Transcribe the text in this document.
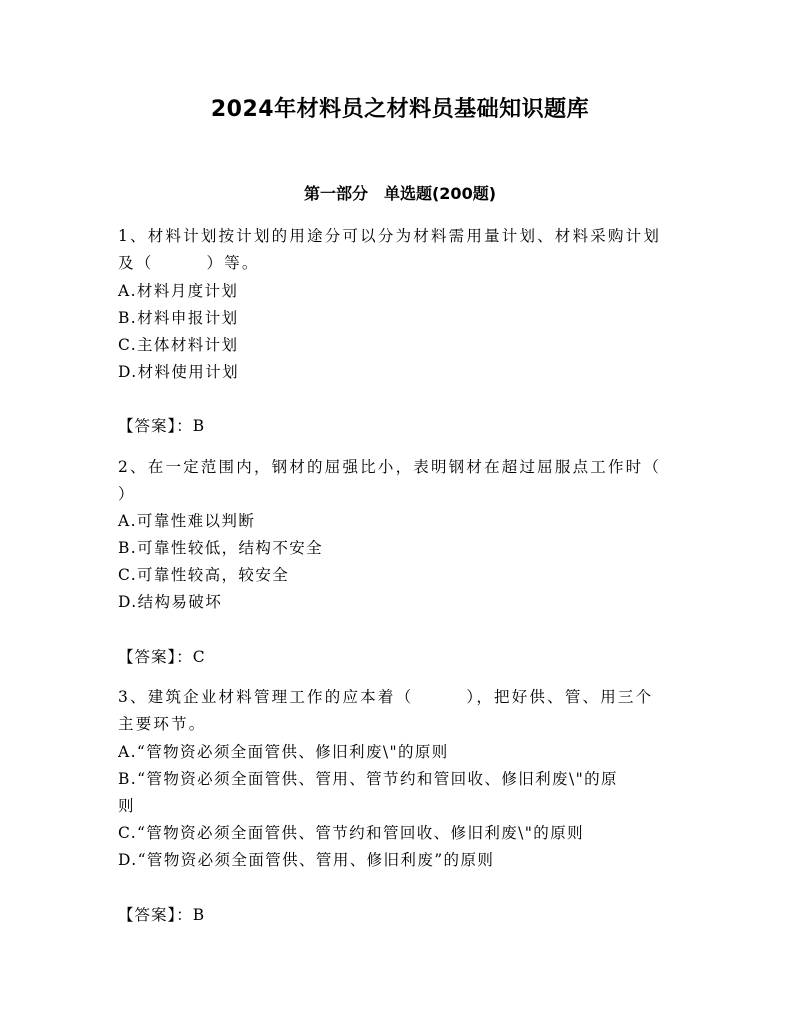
2024年材料员之材料员基础知识题库
第一部分　单选题(200题)
1、材料计划按计划的用途分可以分为材料需用量计划、材料采购计划
及（　　　）等。
A.材料月度计划
B.材料申报计划
C.主体材料计划
D.材料使用计划
【答案】：B
2、在一定范围内，钢材的屈强比小，表明钢材在超过屈服点工作时（
）
A.可靠性难以判断
B.可靠性较低，结构不安全
C.可靠性较高，较安全
D.结构易破坏
【答案】：C
3、建筑企业材料管理工作的应本着（　　　），把好供、管、用三个
主要环节。
A.“管物资必须全面管供、修旧利废\"的原则
B.“管物资必须全面管供、管用、管节约和管回收、修旧利废\"的原
则
C.“管物资必须全面管供、管节约和管回收、修旧利废\"的原则
D.“管物资必须全面管供、管用、修旧利废”的原则
【答案】：B
